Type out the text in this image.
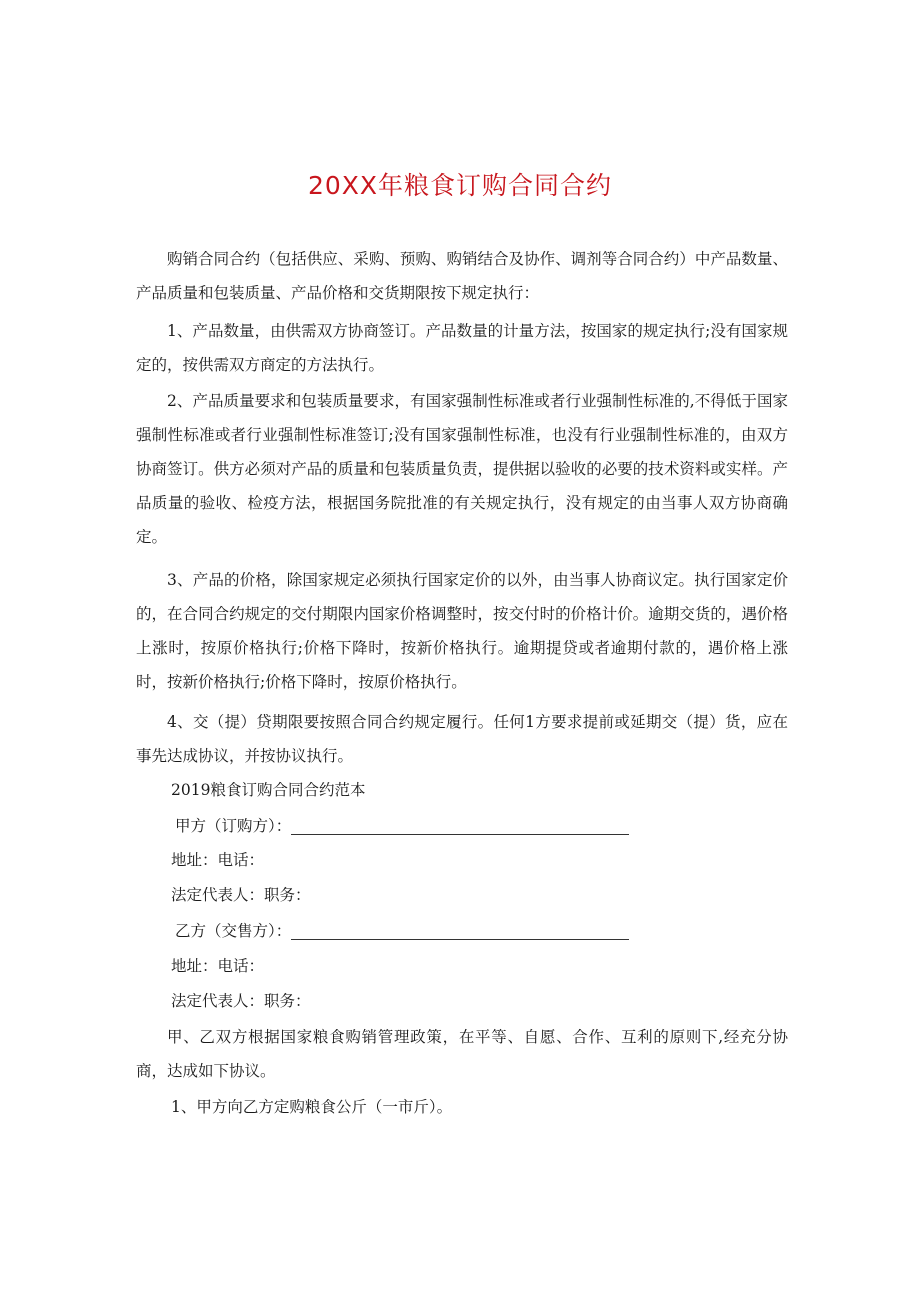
20XX年粮食订购合同合约
购销合同合约（包括供应、采购、预购、购销结合及协作、调剂等合同合约）中产品数量、产品质量和包装质量、产品价格和交货期限按下规定执行：
1、产品数量，由供需双方协商签订。产品数量的计量方法，按国家的规定执行;没有国家规定的，按供需双方商定的方法执行。
2、产品质量要求和包装质量要求，有国家强制性标准或者行业强制性标准的,不得低于国家强制性标准或者行业强制性标准签订;没有国家强制性标准，也没有行业强制性标准的，由双方协商签订。供方必须对产品的质量和包装质量负责，提供据以验收的必要的技术资料或实样。产品质量的验收、检疫方法，根据国务院批准的有关规定执行，没有规定的由当事人双方协商确定。
3、产品的价格，除国家规定必须执行国家定价的以外，由当事人协商议定。执行国家定价的，在合同合约规定的交付期限内国家价格调整时，按交付时的价格计价。逾期交货的，遇价格上涨时，按原价格执行;价格下降时，按新价格执行。逾期提贷或者逾期付款的，遇价格上涨时，按新价格执行;价格下降时，按原价格执行。
4、交（提）贷期限要按照合同合约规定履行。任何1方要求提前或延期交（提）货，应在事先达成协议，并按协议执行。
2019粮食订购合同合约范本
甲方（订购方）：
地址：电话：
法定代表人：职务：
乙方（交售方）：
地址：电话：
法定代表人：职务：
甲、乙双方根据国家粮食购销管理政策，在平等、自愿、合作、互利的原则下,经充分协商，达成如下协议。
1、甲方向乙方定购粮食公斤（一市斤）。
